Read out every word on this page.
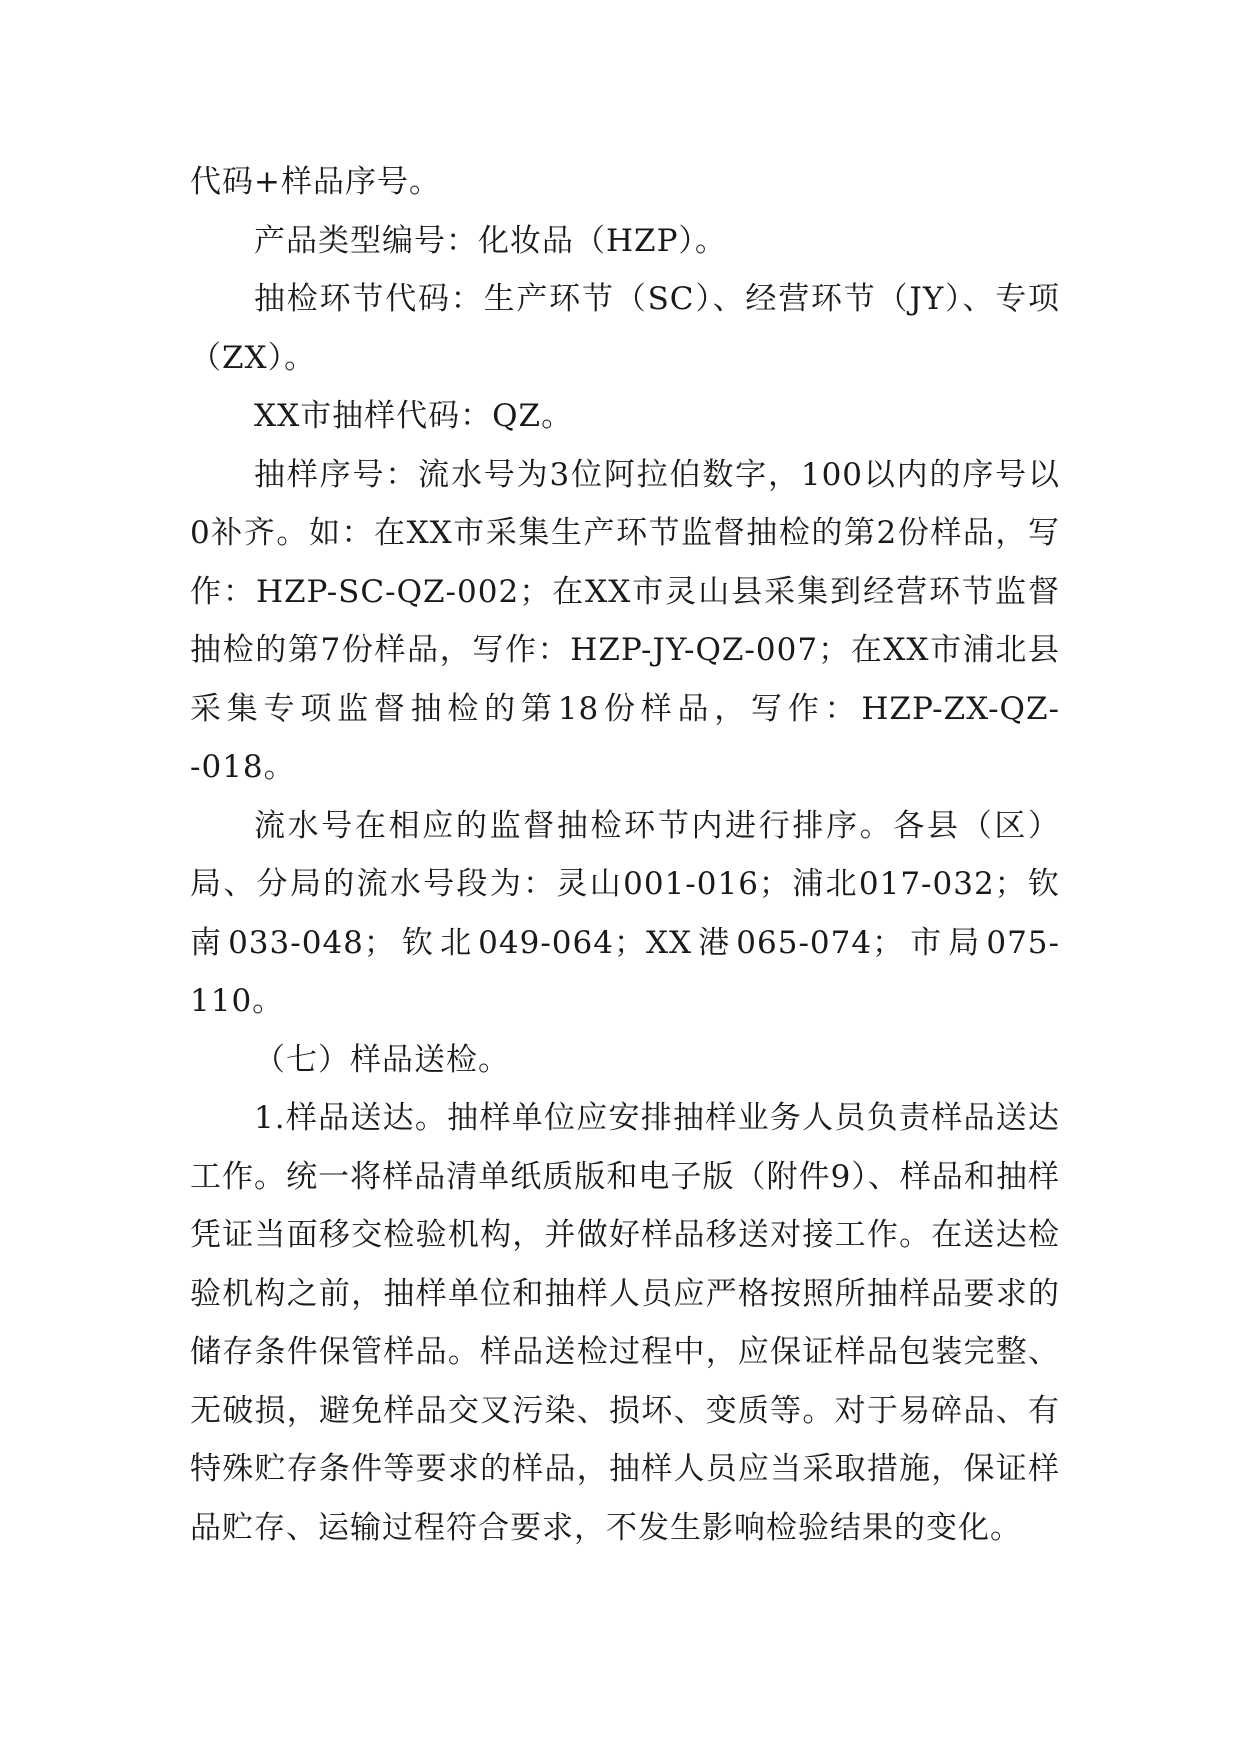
代码+样品序号。

产品类型编号：化妆品（HZP）。

抽检环节代码：生产环节（SC）、经营环节（JY）、专项（ZX）。

XX市抽样代码：QZ。

抽样序号：流水号为3位阿拉伯数字，100以内的序号以0补齐。如：在XX市采集生产环节监督抽检的第2份样品，写作：HZP-SC-QZ-002；在XX市灵山县采集到经营环节监督抽检的第7份样品，写作：HZP-JY-QZ-007；在XX市浦北县采集专项监督抽检的第18份样品，写作：HZP-ZX-QZ--018。

流水号在相应的监督抽检环节内进行排序。各县（区）局、分局的流水号段为：灵山001-016；浦北017-032；钦南033-048；钦北049-064；XX港065-074；市局075-110。

（七）样品送检。

1.样品送达。抽样单位应安排抽样业务人员负责样品送达工作。统一将样品清单纸质版和电子版（附件9）、样品和抽样凭证当面移交检验机构，并做好样品移送对接工作。在送达检验机构之前，抽样单位和抽样人员应严格按照所抽样品要求的储存条件保管样品。样品送检过程中，应保证样品包装完整、无破损，避免样品交叉污染、损坏、变质等。对于易碎品、有特殊贮存条件等要求的样品，抽样人员应当采取措施，保证样品贮存、运输过程符合要求，不发生影响检验结果的变化。
